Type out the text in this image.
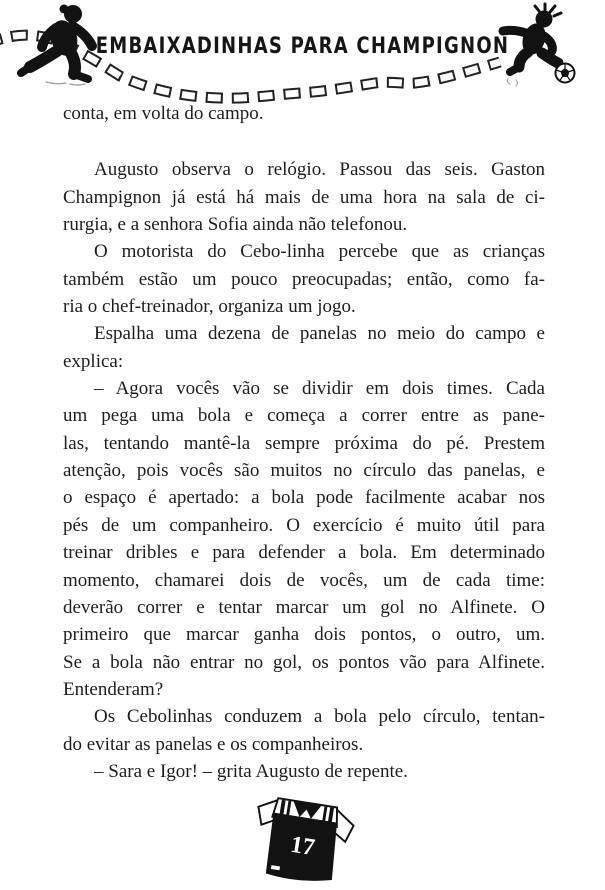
EMBAIXADINHAS PARA CHAMPIGNON
conta, em volta do campo.
Augusto observa o relógio. Passou das seis. Gaston
Champignon já está há mais de uma hora na sala de ci-
rurgia, e a senhora Sofia ainda não telefonou.
O motorista do Cebo-linha percebe que as crianças
também estão um pouco preocupadas; então, como fa-
ria o chef-treinador, organiza um jogo.
Espalha uma dezena de panelas no meio do campo e
explica:
– Agora vocês vão se dividir em dois times. Cada
um pega uma bola e começa a correr entre as pane-
las, tentando mantê-la sempre próxima do pé. Prestem
atenção, pois vocês são muitos no círculo das panelas, e
o espaço é apertado: a bola pode facilmente acabar nos
pés de um companheiro. O exercício é muito útil para
treinar dribles e para defender a bola. Em determinado
momento, chamarei dois de vocês, um de cada time:
deverão correr e tentar marcar um gol no Alfinete. O
primeiro que marcar ganha dois pontos, o outro, um.
Se a bola não entrar no gol, os pontos vão para Alfinete.
Entenderam?
Os Cebolinhas conduzem a bola pelo círculo, tentan-
do evitar as panelas e os companheiros.
– Sara e Igor! – grita Augusto de repente.
17
